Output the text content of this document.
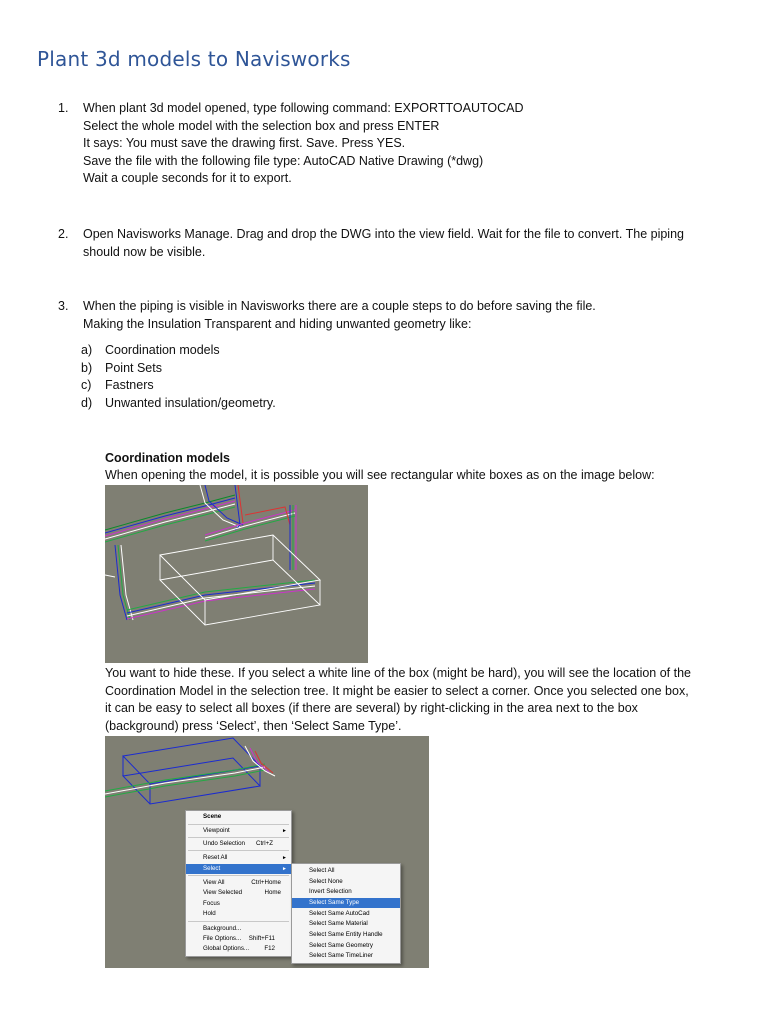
Plant 3d models to Navisworks
1.	When plant 3d model opened, type following command: EXPORTTOAUTOCAD
Select the whole model with the selection box and press ENTER
It says: You must save the drawing first. Save. Press YES.
Save the file with the following file type: AutoCAD Native Drawing (*dwg)
Wait a couple seconds for it to export.
2.	Open Navisworks Manage. Drag and drop the DWG into the view field. Wait for the file to convert. The piping
should now be visible.
3.	When the piping is visible in Navisworks there are a couple steps to do before saving the file.
Making the Insulation Transparent and hiding unwanted geometry like:
a) Coordination models
b) Point Sets
c) Fastners
d) Unwanted insulation/geometry.
Coordination models
When opening the model, it is possible you will see rectangular white boxes as on the image below:
You want to hide these. If you select a white line of the box (might be hard), you will see the location of the
Coordination Model in the selection tree. It might be easier to select a corner. Once you selected one box,
it can be easy to select all boxes (if there are several) by right-clicking in the area next to the box
(background) press ‘Select’, then ‘Select Same Type’.
Scene
Viewpoint	►
Undo Selection Ctrl+Z
Reset All	►
Select	►
View All	Ctrl+Home
View Selected	Home
Focus
Hold
Background...
File Options... Shift+F11
Global Options... F12
Select All
Select None
Invert Selection
Select Same Type
Select Same AutoCad
Select Same Material
Select Same Entity Handle
Select Same Geometry
Select Same TimeLiner
